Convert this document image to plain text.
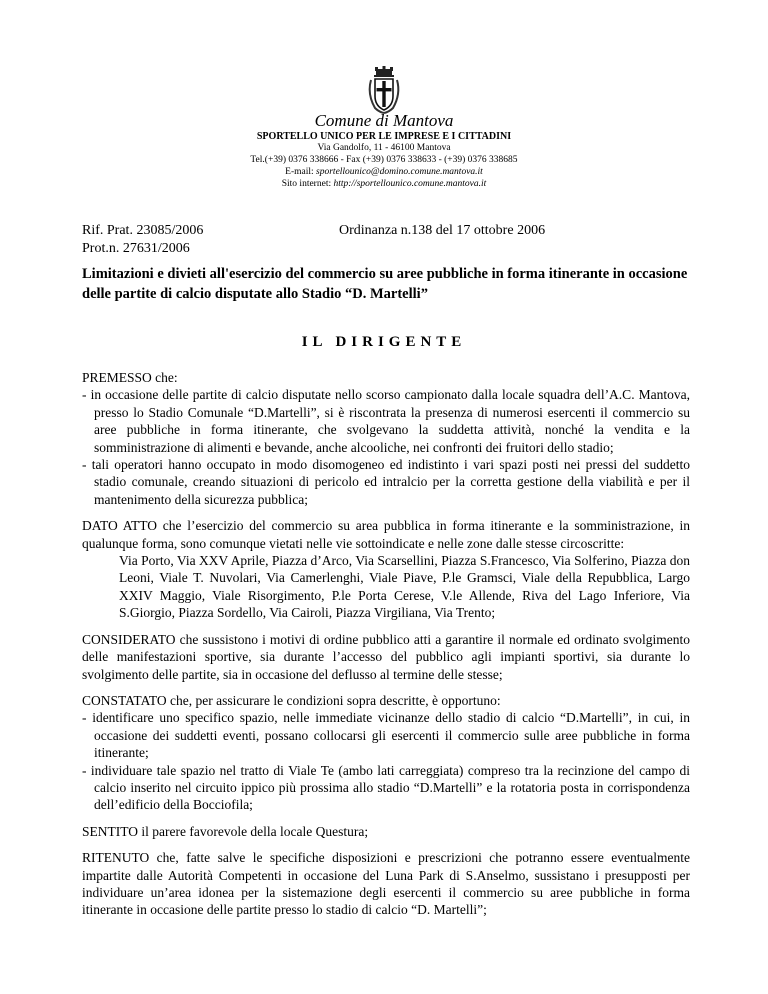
Comune di Mantova
SPORTELLO UNICO PER LE IMPRESE E I CITTADINI
Via Gandolfo, 11 - 46100 Mantova
Tel.(+39) 0376 338666 - Fax (+39) 0376 338633 - (+39) 0376 338685
E-mail: sportellounico@domino.comune.mantova.it
Sito internet: http://sportellounico.comune.mantova.it
Rif. Prat. 23085/2006
Prot.n. 27631/2006
Ordinanza n.138 del 17 ottobre 2006
Limitazioni e divieti all'esercizio del commercio su aree pubbliche in forma itinerante in occasione delle partite di calcio disputate allo Stadio “D. Martelli”
IL DIRIGENTE
PREMESSO che:
- in occasione delle partite di calcio disputate nello scorso campionato dalla locale squadra dell’A.C. Mantova, presso lo Stadio Comunale “D.Martelli”, si è riscontrata la presenza di numerosi esercenti il commercio su aree pubbliche in forma itinerante, che svolgevano la suddetta attività, nonché la vendita e la somministrazione di alimenti e bevande, anche alcooliche, nei confronti dei fruitori dello stadio;
- tali operatori hanno occupato in modo disomogeneo ed indistinto i vari spazi posti nei pressi del suddetto stadio comunale, creando situazioni di pericolo ed intralcio per la corretta gestione della viabilità e per il mantenimento della sicurezza pubblica;

DATO ATTO che l’esercizio del commercio su area pubblica in forma itinerante e la somministrazione, in qualunque forma, sono comunque vietati nelle vie sottoindicate e nelle zone dalle stesse circoscritte:

Via Porto, Via XXV Aprile, Piazza d’Arco, Via Scarsellini, Piazza S.Francesco, Via Solferino, Piazza don Leoni, Viale T. Nuvolari, Via Camerlenghi, Viale Piave, P.le Gramsci, Viale della Repubblica, Largo XXIV Maggio, Viale Risorgimento, P.le Porta Cerese, V.le Allende, Riva del Lago Inferiore, Via S.Giorgio, Piazza Sordello, Via Cairoli, Piazza Virgiliana, Via Trento;

CONSIDERATO che sussistono i motivi di ordine pubblico atti a garantire il normale ed ordinato svolgimento delle manifestazioni sportive, sia durante l’accesso del pubblico agli impianti sportivi, sia durante lo svolgimento delle partite, sia in occasione del deflusso al termine delle stesse;

CONSTATATO che, per assicurare le condizioni sopra descritte, è opportuno:
- identificare uno specifico spazio, nelle immediate vicinanze dello stadio di calcio “D.Martelli”, in cui, in occasione dei suddetti eventi, possano collocarsi gli esercenti il commercio sulle aree pubbliche in forma itinerante;
- individuare tale spazio nel tratto di Viale Te (ambo lati carreggiata) compreso tra la recinzione del campo di calcio inserito nel circuito ippico più prossima allo stadio “D.Martelli” e la rotatoria posta in corrispondenza dell’edificio della Bocciofila;

SENTITO il parere favorevole della locale Questura;

RITENUTO che, fatte salve le specifiche disposizioni e prescrizioni che potranno essere eventualmente impartite dalle Autorità Competenti in occasione del Luna Park di S.Anselmo, sussistano i presupposti per individuare un’area idonea per la sistemazione degli esercenti il commercio su aree pubbliche in forma itinerante in occasione delle partite presso lo stadio di calcio “D. Martelli”;
